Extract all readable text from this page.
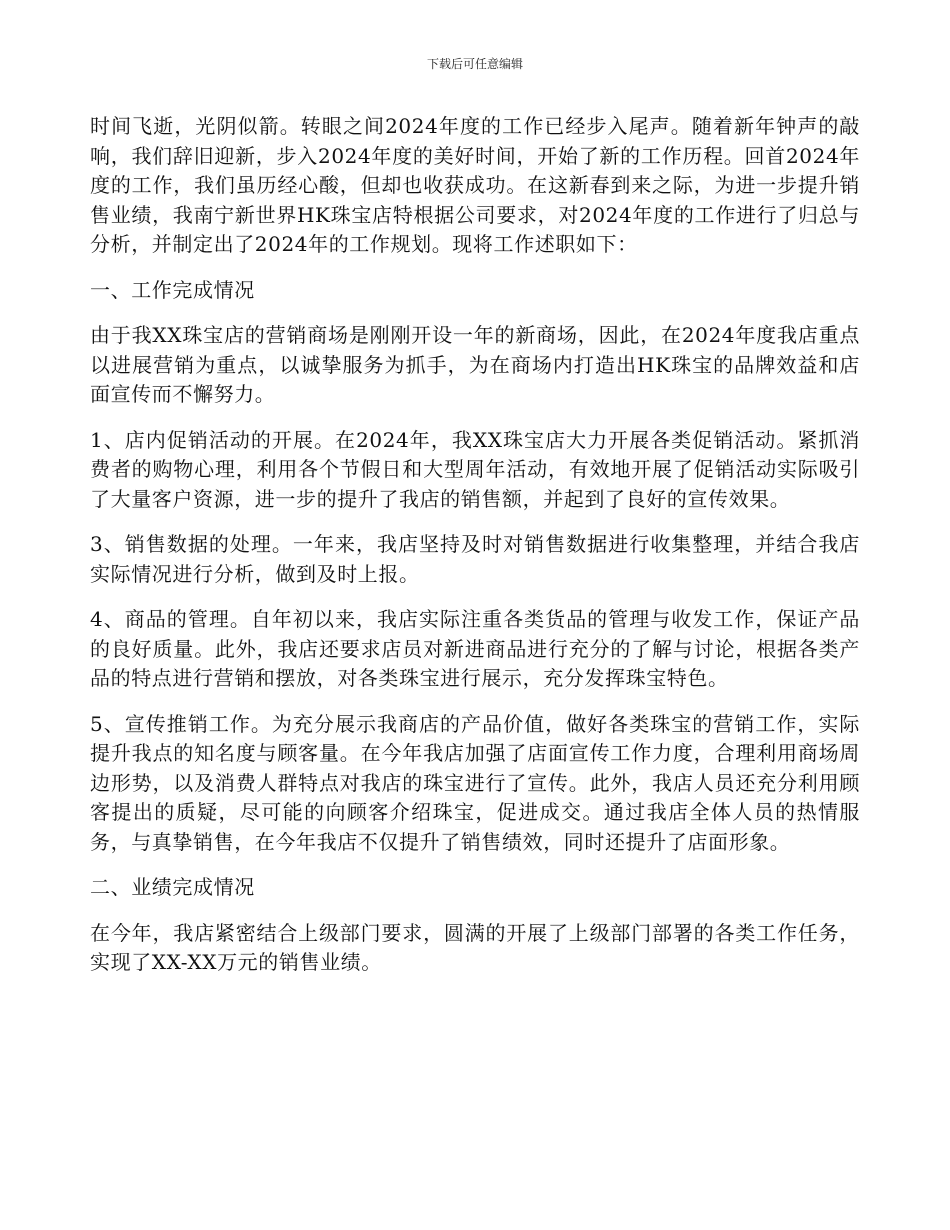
下载后可任意编辑

时间飞逝，光阴似箭。转眼之间2024年度的工作已经步入尾声。随着新年钟声的敲响，我们辞旧迎新，步入2024年度的美好时间，开始了新的工作历程。回首2024年度的工作，我们虽历经心酸，但却也收获成功。在这新春到来之际，为进一步提升销售业绩，我南宁新世界HK珠宝店特根据公司要求，对2024年度的工作进行了归总与分析，并制定出了2024年的工作规划。现将工作述职如下：

一、工作完成情况

由于我XX珠宝店的营销商场是刚刚开设一年的新商场，因此，在2024年度我店重点以进展营销为重点，以诚挚服务为抓手，为在商场内打造出HK珠宝的品牌效益和店面宣传而不懈努力。

1、店内促销活动的开展。在2024年，我XX珠宝店大力开展各类促销活动。紧抓消费者的购物心理，利用各个节假日和大型周年活动，有效地开展了促销活动实际吸引了大量客户资源，进一步的提升了我店的销售额，并起到了良好的宣传效果。

3、销售数据的处理。一年来，我店坚持及时对销售数据进行收集整理，并结合我店实际情况进行分析，做到及时上报。

4、商品的管理。自年初以来，我店实际注重各类货品的管理与收发工作，保证产品的良好质量。此外，我店还要求店员对新进商品进行充分的了解与讨论，根据各类产品的特点进行营销和摆放，对各类珠宝进行展示，充分发挥珠宝特色。

5、宣传推销工作。为充分展示我商店的产品价值，做好各类珠宝的营销工作，实际提升我点的知名度与顾客量。在今年我店加强了店面宣传工作力度，合理利用商场周边形势，以及消费人群特点对我店的珠宝进行了宣传。此外，我店人员还充分利用顾客提出的质疑，尽可能的向顾客介绍珠宝，促进成交。通过我店全体人员的热情服务，与真挚销售，在今年我店不仅提升了销售绩效，同时还提升了店面形象。

二、业绩完成情况

在今年，我店紧密结合上级部门要求，圆满的开展了上级部门部署的各类工作任务，实现了XX-XX万元的销售业绩。
